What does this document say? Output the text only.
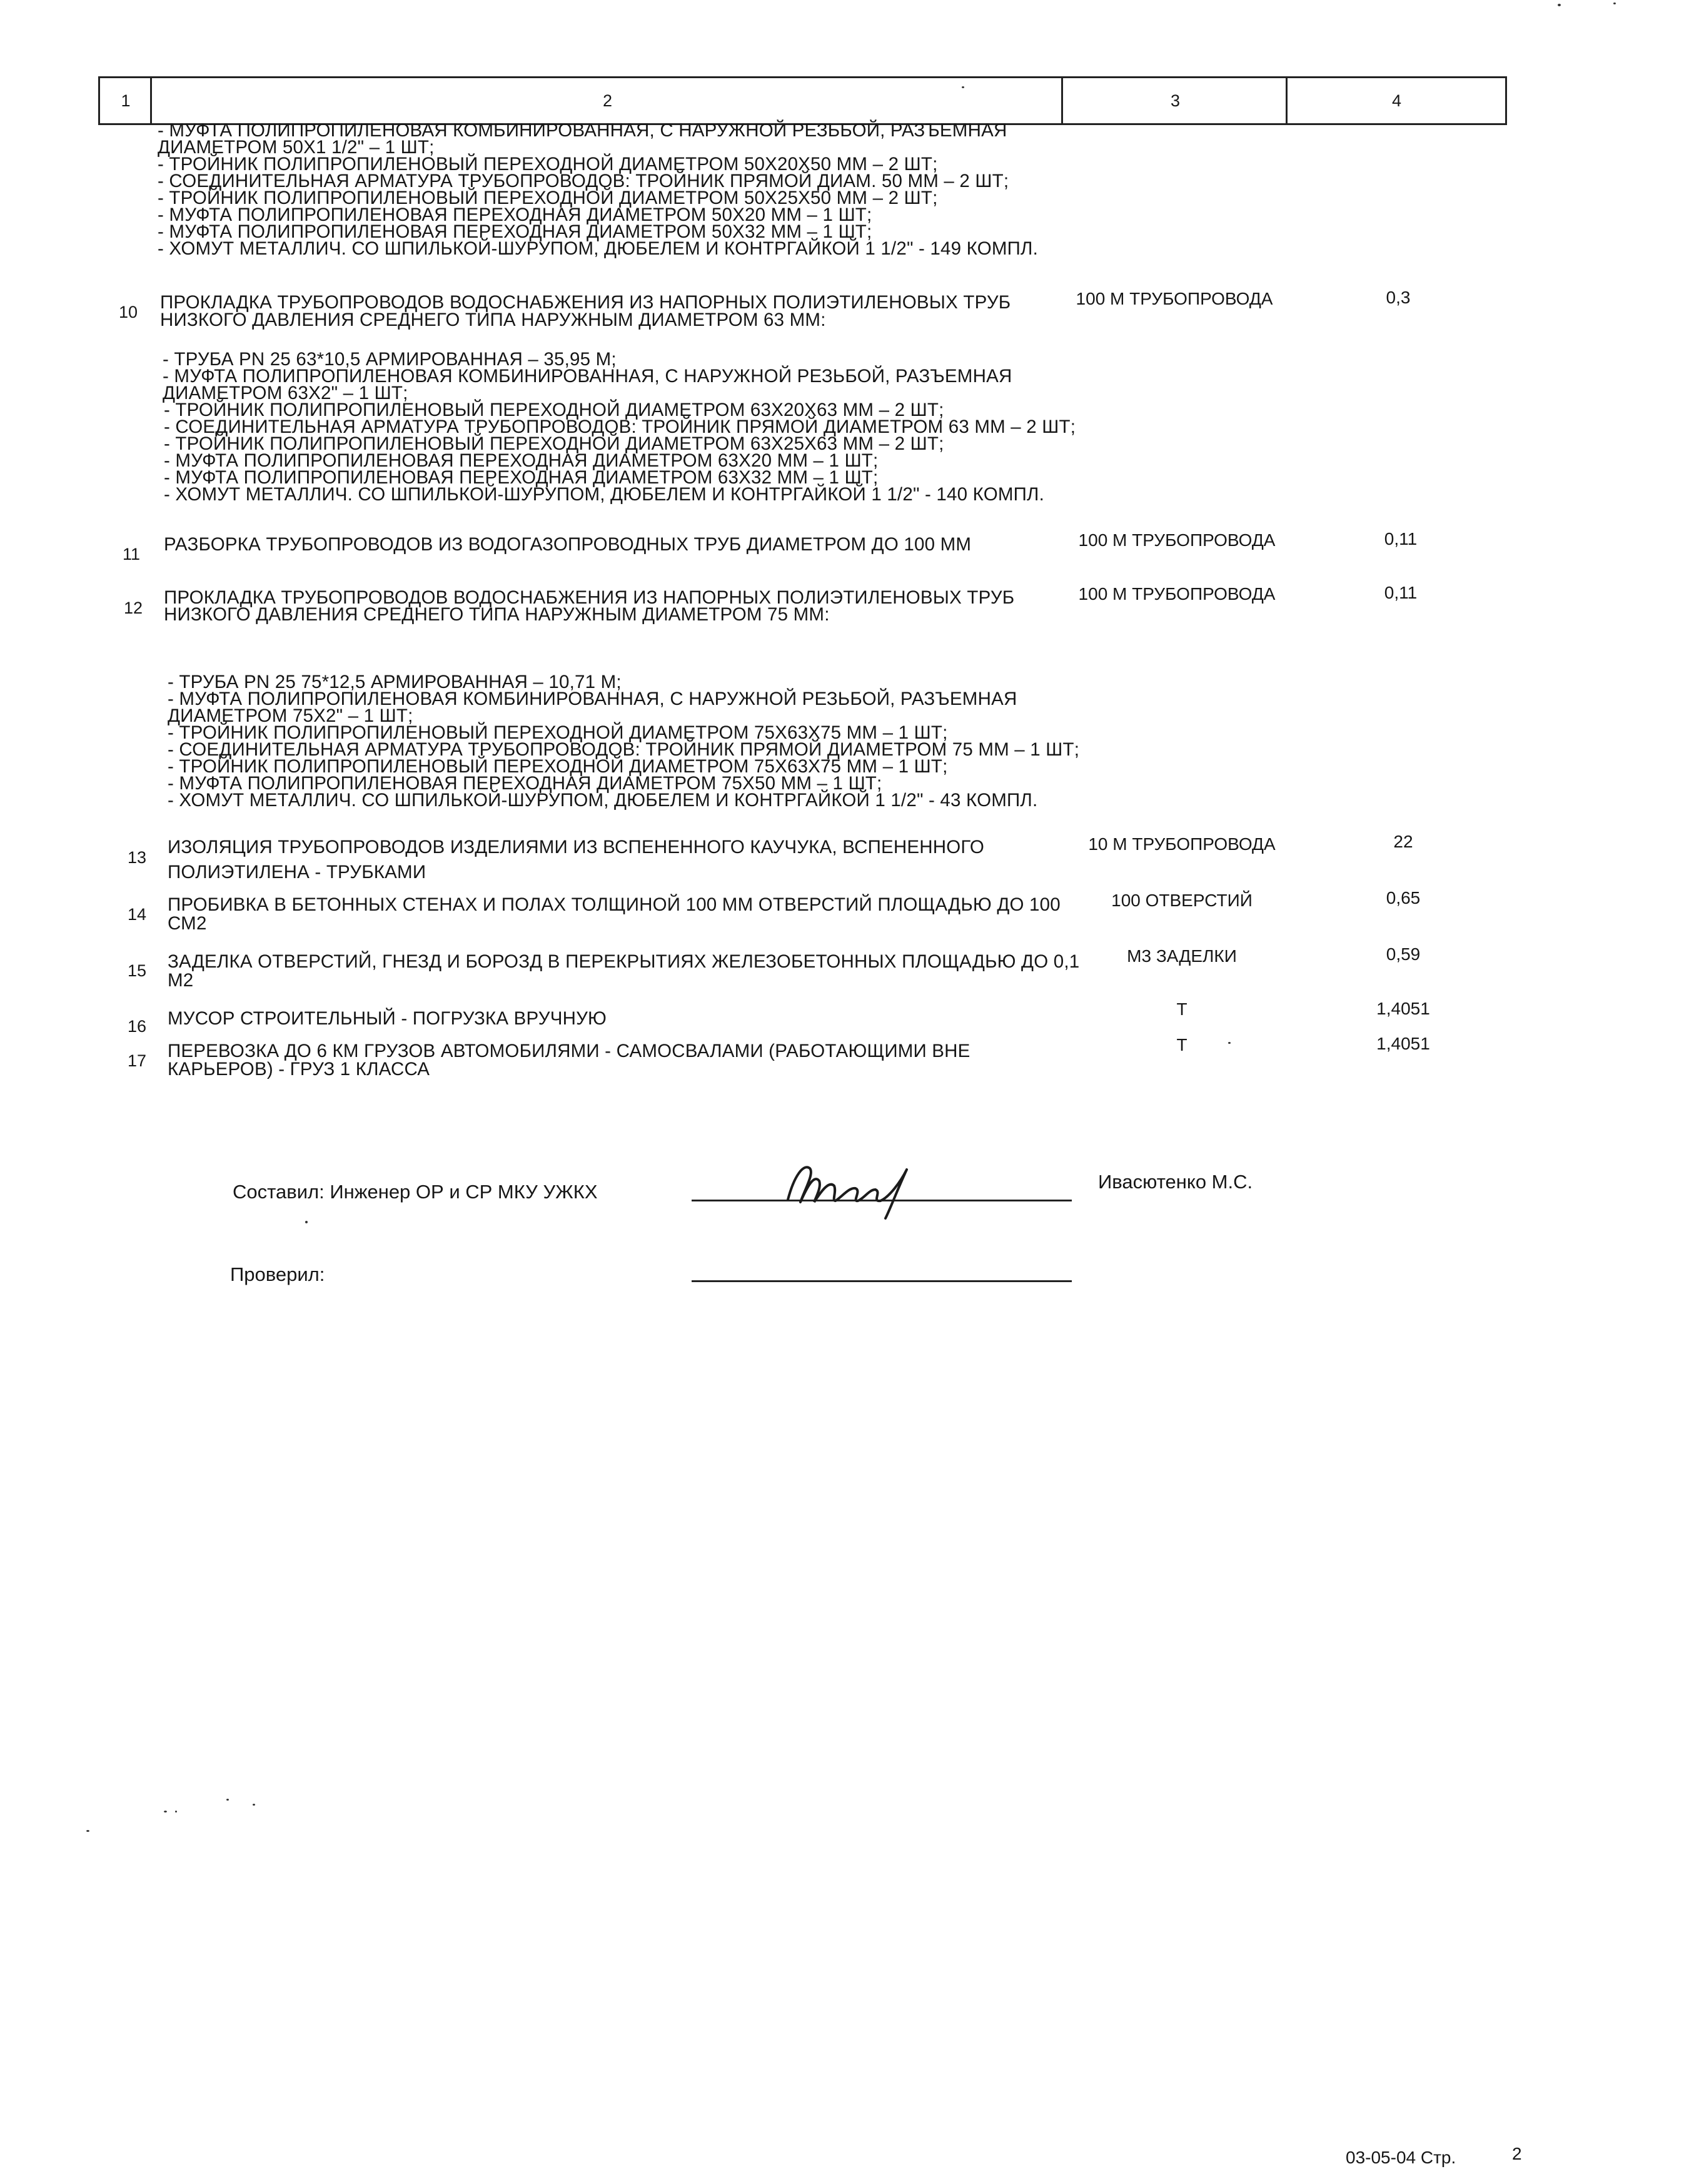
1	2	3	4
- МУФТА ПОЛИПРОПИЛЕНОВАЯ КОМБИНИРОВАННАЯ, С НАРУЖНОЙ РЕЗЬБОЙ, РАЗЪЕМНАЯ
ДИАМЕТРОМ 50X1 1/2" – 1 ШТ;
- ТРОЙНИК ПОЛИПРОПИЛЕНОВЫЙ ПЕРЕХОДНОЙ ДИАМЕТРОМ 50X20X50 ММ – 2 ШТ;
- СОЕДИНИТЕЛЬНАЯ АРМАТУРА ТРУБОПРОВОДОВ: ТРОЙНИК ПРЯМОЙ ДИАМ. 50 ММ – 2 ШТ;
- ТРОЙНИК ПОЛИПРОПИЛЕНОВЫЙ ПЕРЕХОДНОЙ ДИАМЕТРОМ 50X25X50 ММ – 2 ШТ;
- МУФТА ПОЛИПРОПИЛЕНОВАЯ ПЕРЕХОДНАЯ ДИАМЕТРОМ 50X20 ММ – 1 ШТ;
- МУФТА ПОЛИПРОПИЛЕНОВАЯ ПЕРЕХОДНАЯ ДИАМЕТРОМ 50X32 ММ – 1 ШТ;
- ХОМУТ МЕТАЛЛИЧ. СО ШПИЛЬКОЙ-ШУРУПОМ, ДЮБЕЛЕМ И КОНТРГАЙКОЙ 1 1/2" - 149 КОМПЛ.
10 ПРОКЛАДКА ТРУБОПРОВОДОВ ВОДОСНАБЖЕНИЯ ИЗ НАПОРНЫХ ПОЛИЭТИЛЕНОВЫХ ТРУБ
НИЗКОГО ДАВЛЕНИЯ СРЕДНЕГО ТИПА НАРУЖНЫМ ДИАМЕТРОМ 63 ММ:
100 М ТРУБОПРОВОДА	0,3
- ТРУБА PN 25 63*10,5 АРМИРОВАННАЯ – 35,95 М;
- МУФТА ПОЛИПРОПИЛЕНОВАЯ КОМБИНИРОВАННАЯ, С НАРУЖНОЙ РЕЗЬБОЙ, РАЗЪЕМНАЯ
ДИАМЕТРОМ 63X2" – 1 ШТ;
- ТРОЙНИК ПОЛИПРОПИЛЕНОВЫЙ ПЕРЕХОДНОЙ ДИАМЕТРОМ 63X20X63 ММ – 2 ШТ;
- СОЕДИНИТЕЛЬНАЯ АРМАТУРА ТРУБОПРОВОДОВ: ТРОЙНИК ПРЯМОЙ ДИАМЕТРОМ 63 ММ – 2 ШТ;
- ТРОЙНИК ПОЛИПРОПИЛЕНОВЫЙ ПЕРЕХОДНОЙ ДИАМЕТРОМ 63X25X63 ММ – 2 ШТ;
- МУФТА ПОЛИПРОПИЛЕНОВАЯ ПЕРЕХОДНАЯ ДИАМЕТРОМ 63X20 ММ – 1 ШТ;
- МУФТА ПОЛИПРОПИЛЕНОВАЯ ПЕРЕХОДНАЯ ДИАМЕТРОМ 63X32 ММ – 1 ШТ;
- ХОМУТ МЕТАЛЛИЧ. СО ШПИЛЬКОЙ-ШУРУПОМ, ДЮБЕЛЕМ И КОНТРГАЙКОЙ 1 1/2" - 140 КОМПЛ.
11 РАЗБОРКА ТРУБОПРОВОДОВ ИЗ ВОДОГАЗОПРОВОДНЫХ ТРУБ ДИАМЕТРОМ ДО 100 ММ	100 М ТРУБОПРОВОДА	0,11
12 ПРОКЛАДКА ТРУБОПРОВОДОВ ВОДОСНАБЖЕНИЯ ИЗ НАПОРНЫХ ПОЛИЭТИЛЕНОВЫХ ТРУБ
НИЗКОГО ДАВЛЕНИЯ СРЕДНЕГО ТИПА НАРУЖНЫМ ДИАМЕТРОМ 75 ММ:
100 М ТРУБОПРОВОДА	0,11
- ТРУБА PN 25 75*12,5 АРМИРОВАННАЯ – 10,71 М;
- МУФТА ПОЛИПРОПИЛЕНОВАЯ КОМБИНИРОВАННАЯ, С НАРУЖНОЙ РЕЗЬБОЙ, РАЗЪЕМНАЯ
ДИАМЕТРОМ 75X2" – 1 ШТ;
- ТРОЙНИК ПОЛИПРОПИЛЕНОВЫЙ ПЕРЕХОДНОЙ ДИАМЕТРОМ 75X63X75 ММ – 1 ШТ;
- СОЕДИНИТЕЛЬНАЯ АРМАТУРА ТРУБОПРОВОДОВ: ТРОЙНИК ПРЯМОЙ ДИАМЕТРОМ 75 ММ – 1 ШТ;
- ТРОЙНИК ПОЛИПРОПИЛЕНОВЫЙ ПЕРЕХОДНОЙ ДИАМЕТРОМ 75X63X75 ММ – 1 ШТ;
- МУФТА ПОЛИПРОПИЛЕНОВАЯ ПЕРЕХОДНАЯ ДИАМЕТРОМ 75X50 ММ – 1 ШТ;
- ХОМУТ МЕТАЛЛИЧ. СО ШПИЛЬКОЙ-ШУРУПОМ, ДЮБЕЛЕМ И КОНТРГАЙКОЙ 1 1/2" - 43 КОМПЛ.
13 ИЗОЛЯЦИЯ ТРУБОПРОВОДОВ ИЗДЕЛИЯМИ ИЗ ВСПЕНЕННОГО КАУЧУКА, ВСПЕНЕННОГО
ПОЛИЭТИЛЕНА - ТРУБКАМИ
10 М ТРУБОПРОВОДА	22
14 ПРОБИВКА В БЕТОННЫХ СТЕНАХ И ПОЛАХ ТОЛЩИНОЙ 100 ММ ОТВЕРСТИЙ ПЛОЩАДЬЮ ДО 100
СМ2
100 ОТВЕРСТИЙ	0,65
15 ЗАДЕЛКА ОТВЕРСТИЙ, ГНЕЗД И БОРОЗД В ПЕРЕКРЫТИЯХ ЖЕЛЕЗОБЕТОННЫХ ПЛОЩАДЬЮ ДО 0,1
М2
М3 ЗАДЕЛКИ	0,59
16 МУСОР СТРОИТЕЛЬНЫЙ - ПОГРУЗКА ВРУЧНУЮ	Т	1,4051
17 ПЕРЕВОЗКА ДО 6 КМ ГРУЗОВ АВТОМОБИЛЯМИ - САМОСВАЛАМИ (РАБОТАЮЩИМИ ВНЕ
КАРЬЕРОВ) - ГРУЗ 1 КЛАССА
Т	1,4051
Составил: Инженер ОР и СР МКУ УЖКХ	Ивасютенко М.С.
Проверил:
03-05-04 Стр.	2
